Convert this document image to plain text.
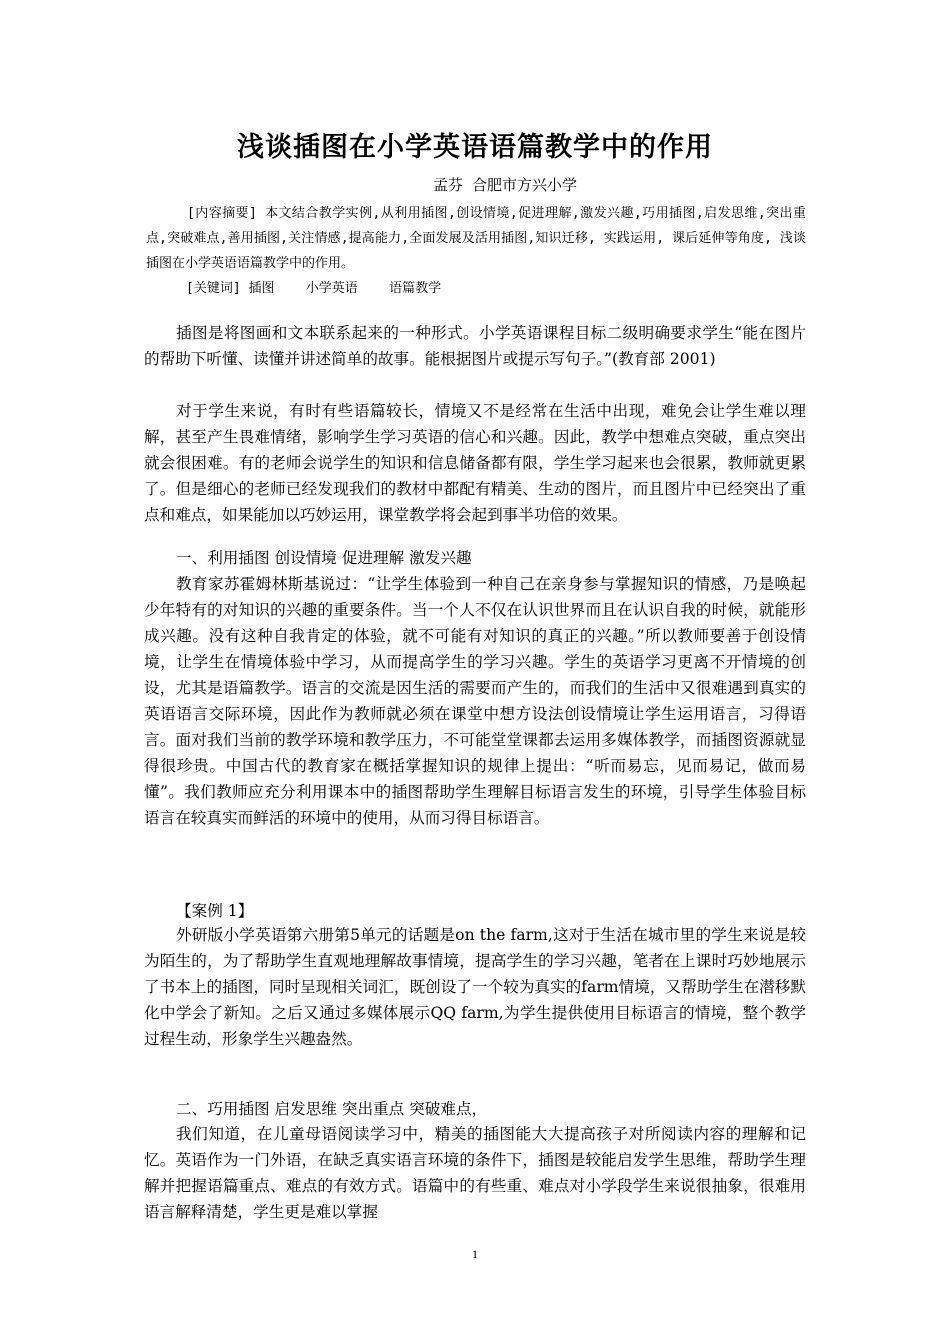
浅谈插图在小学英语语篇教学中的作用
孟芬 合肥市方兴小学

[内容摘要] 本文结合教学实例,从利用插图,创设情境,促进理解,激发兴趣,巧用插图,启发思维,突出重点,突破难点,善用插图,关注情感,提高能力,全面发展及活用插图,知识迁移, 实践运用, 课后延伸等角度, 浅谈插图在小学英语语篇教学中的作用。

[关键词] 插图    小学英语    语篇教学

插图是将图画和文本联系起来的一种形式。小学英语课程目标二级明确要求学生“能在图片的帮助下听懂、读懂并讲述简单的故事。能根据图片或提示写句子。”(教育部 2001)

对于学生来说，有时有些语篇较长，情境又不是经常在生活中出现，难免会让学生难以理解，甚至产生畏难情绪，影响学生学习英语的信心和兴趣。因此，教学中想难点突破，重点突出就会很困难。有的老师会说学生的知识和信息储备都有限，学生学习起来也会很累，教师就更累了。但是细心的老师已经发现我们的教材中都配有精美、生动的图片，而且图片中已经突出了重点和难点，如果能加以巧妙运用，课堂教学将会起到事半功倍的效果。

一、利用插图 创设情境 促进理解 激发兴趣

教育家苏霍姆林斯基说过：“让学生体验到一种自己在亲身参与掌握知识的情感，乃是唤起少年特有的对知识的兴趣的重要条件。当一个人不仅在认识世界而且在认识自我的时候，就能形成兴趣。没有这种自我肯定的体验，就不可能有对知识的真正的兴趣。”所以教师要善于创设情境，让学生在情境体验中学习，从而提高学生的学习兴趣。学生的英语学习更离不开情境的创设，尤其是语篇教学。语言的交流是因生活的需要而产生的，而我们的生活中又很难遇到真实的英语语言交际环境，因此作为教师就必须在课堂中想方设法创设情境让学生运用语言，习得语言。面对我们当前的教学环境和教学压力，不可能堂堂课都去运用多媒体教学，而插图资源就显得很珍贵。中国古代的教育家在概括掌握知识的规律上提出：“听而易忘，见而易记，做而易懂”。我们教师应充分利用课本中的插图帮助学生理解目标语言发生的环境，引导学生体验目标语言在较真实而鲜活的环境中的使用，从而习得目标语言。

【案例 1】

外研版小学英语第六册第5单元的话题是on the farm,这对于生活在城市里的学生来说是较为陌生的，为了帮助学生直观地理解故事情境，提高学生的学习兴趣，笔者在上课时巧妙地展示了书本上的插图，同时呈现相关词汇，既创设了一个较为真实的farm情境，又帮助学生在潜移默化中学会了新知。之后又通过多媒体展示QQ farm,为学生提供使用目标语言的情境，整个教学过程生动，形象学生兴趣盎然。

二、巧用插图 启发思维 突出重点 突破难点，

我们知道，在儿童母语阅读学习中，精美的插图能大大提高孩子对所阅读内容的理解和记忆。英语作为一门外语，在缺乏真实语言环境的条件下，插图是较能启发学生思维，帮助学生理解并把握语篇重点、难点的有效方式。语篇中的有些重、难点对小学段学生来说很抽象，很难用语言解释清楚，学生更是难以掌握

1
